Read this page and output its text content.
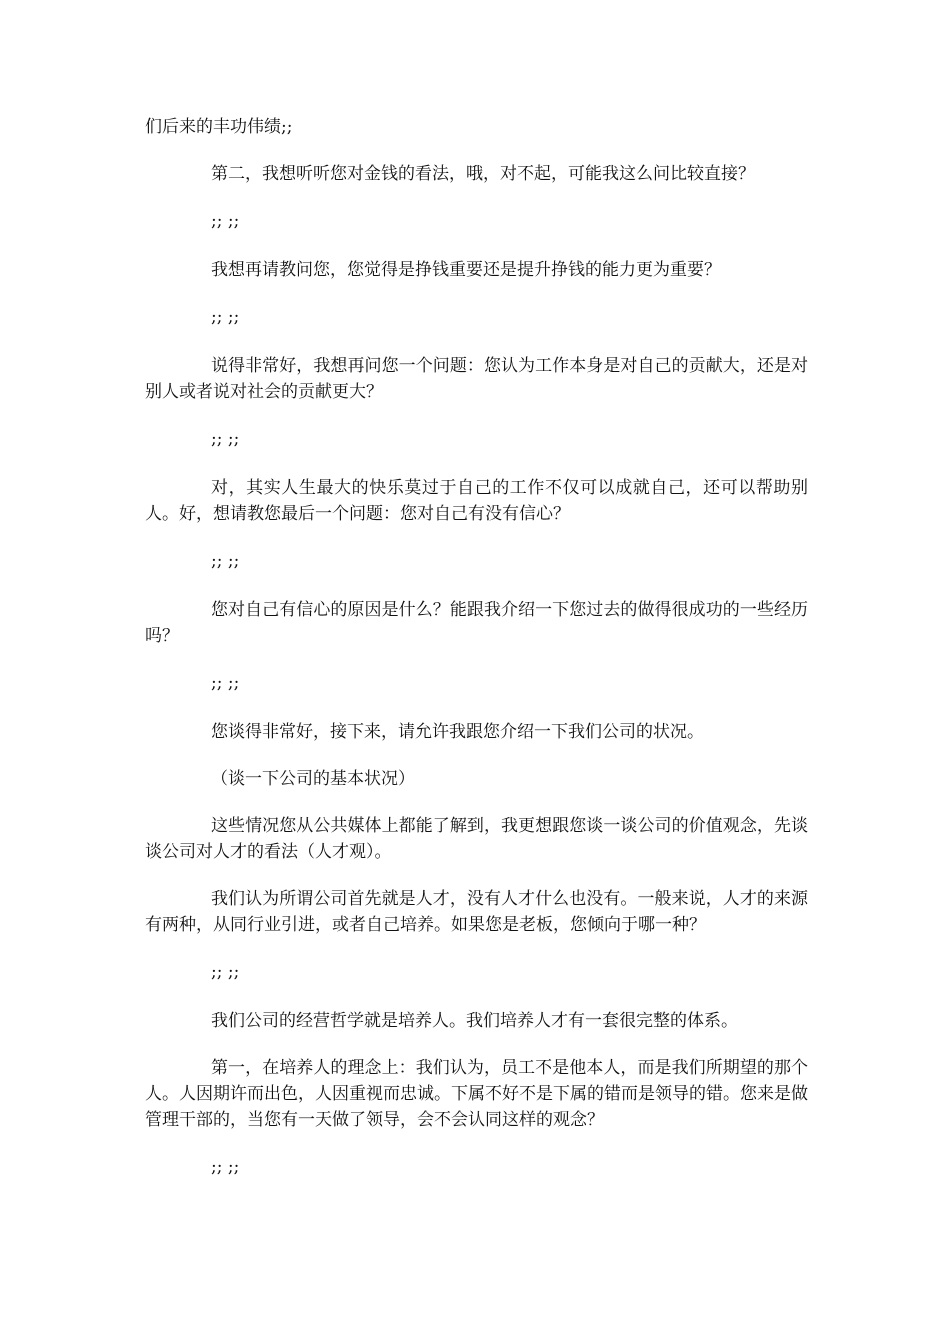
们后来的丰功伟绩;;

第二，我想听听您对金钱的看法，哦，对不起，可能我这么问比较直接？

;; ;;

我想再请教问您，您觉得是挣钱重要还是提升挣钱的能力更为重要？

;; ;;

说得非常好，我想再问您一个问题：您认为工作本身是对自己的贡献大，还是对别人或者说对社会的贡献更大？

;; ;;

对，其实人生最大的快乐莫过于自己的工作不仅可以成就自己，还可以帮助别人。好，想请教您最后一个问题：您对自己有没有信心？

;; ;;

您对自己有信心的原因是什么？能跟我介绍一下您过去的做得很成功的一些经历吗？

;; ;;

您谈得非常好，接下来，请允许我跟您介绍一下我们公司的状况。

（谈一下公司的基本状况）

这些情况您从公共媒体上都能了解到，我更想跟您谈一谈公司的价值观念，先谈谈公司对人才的看法（人才观）。

我们认为所谓公司首先就是人才，没有人才什么也没有。一般来说，人才的来源有两种，从同行业引进，或者自己培养。如果您是老板，您倾向于哪一种？

;; ;;

我们公司的经营哲学就是培养人。我们培养人才有一套很完整的体系。

第一，在培养人的理念上：我们认为，员工不是他本人，而是我们所期望的那个人。人因期许而出色，人因重视而忠诚。下属不好不是下属的错而是领导的错。您来是做管理干部的，当您有一天做了领导，会不会认同这样的观念？

;; ;;
